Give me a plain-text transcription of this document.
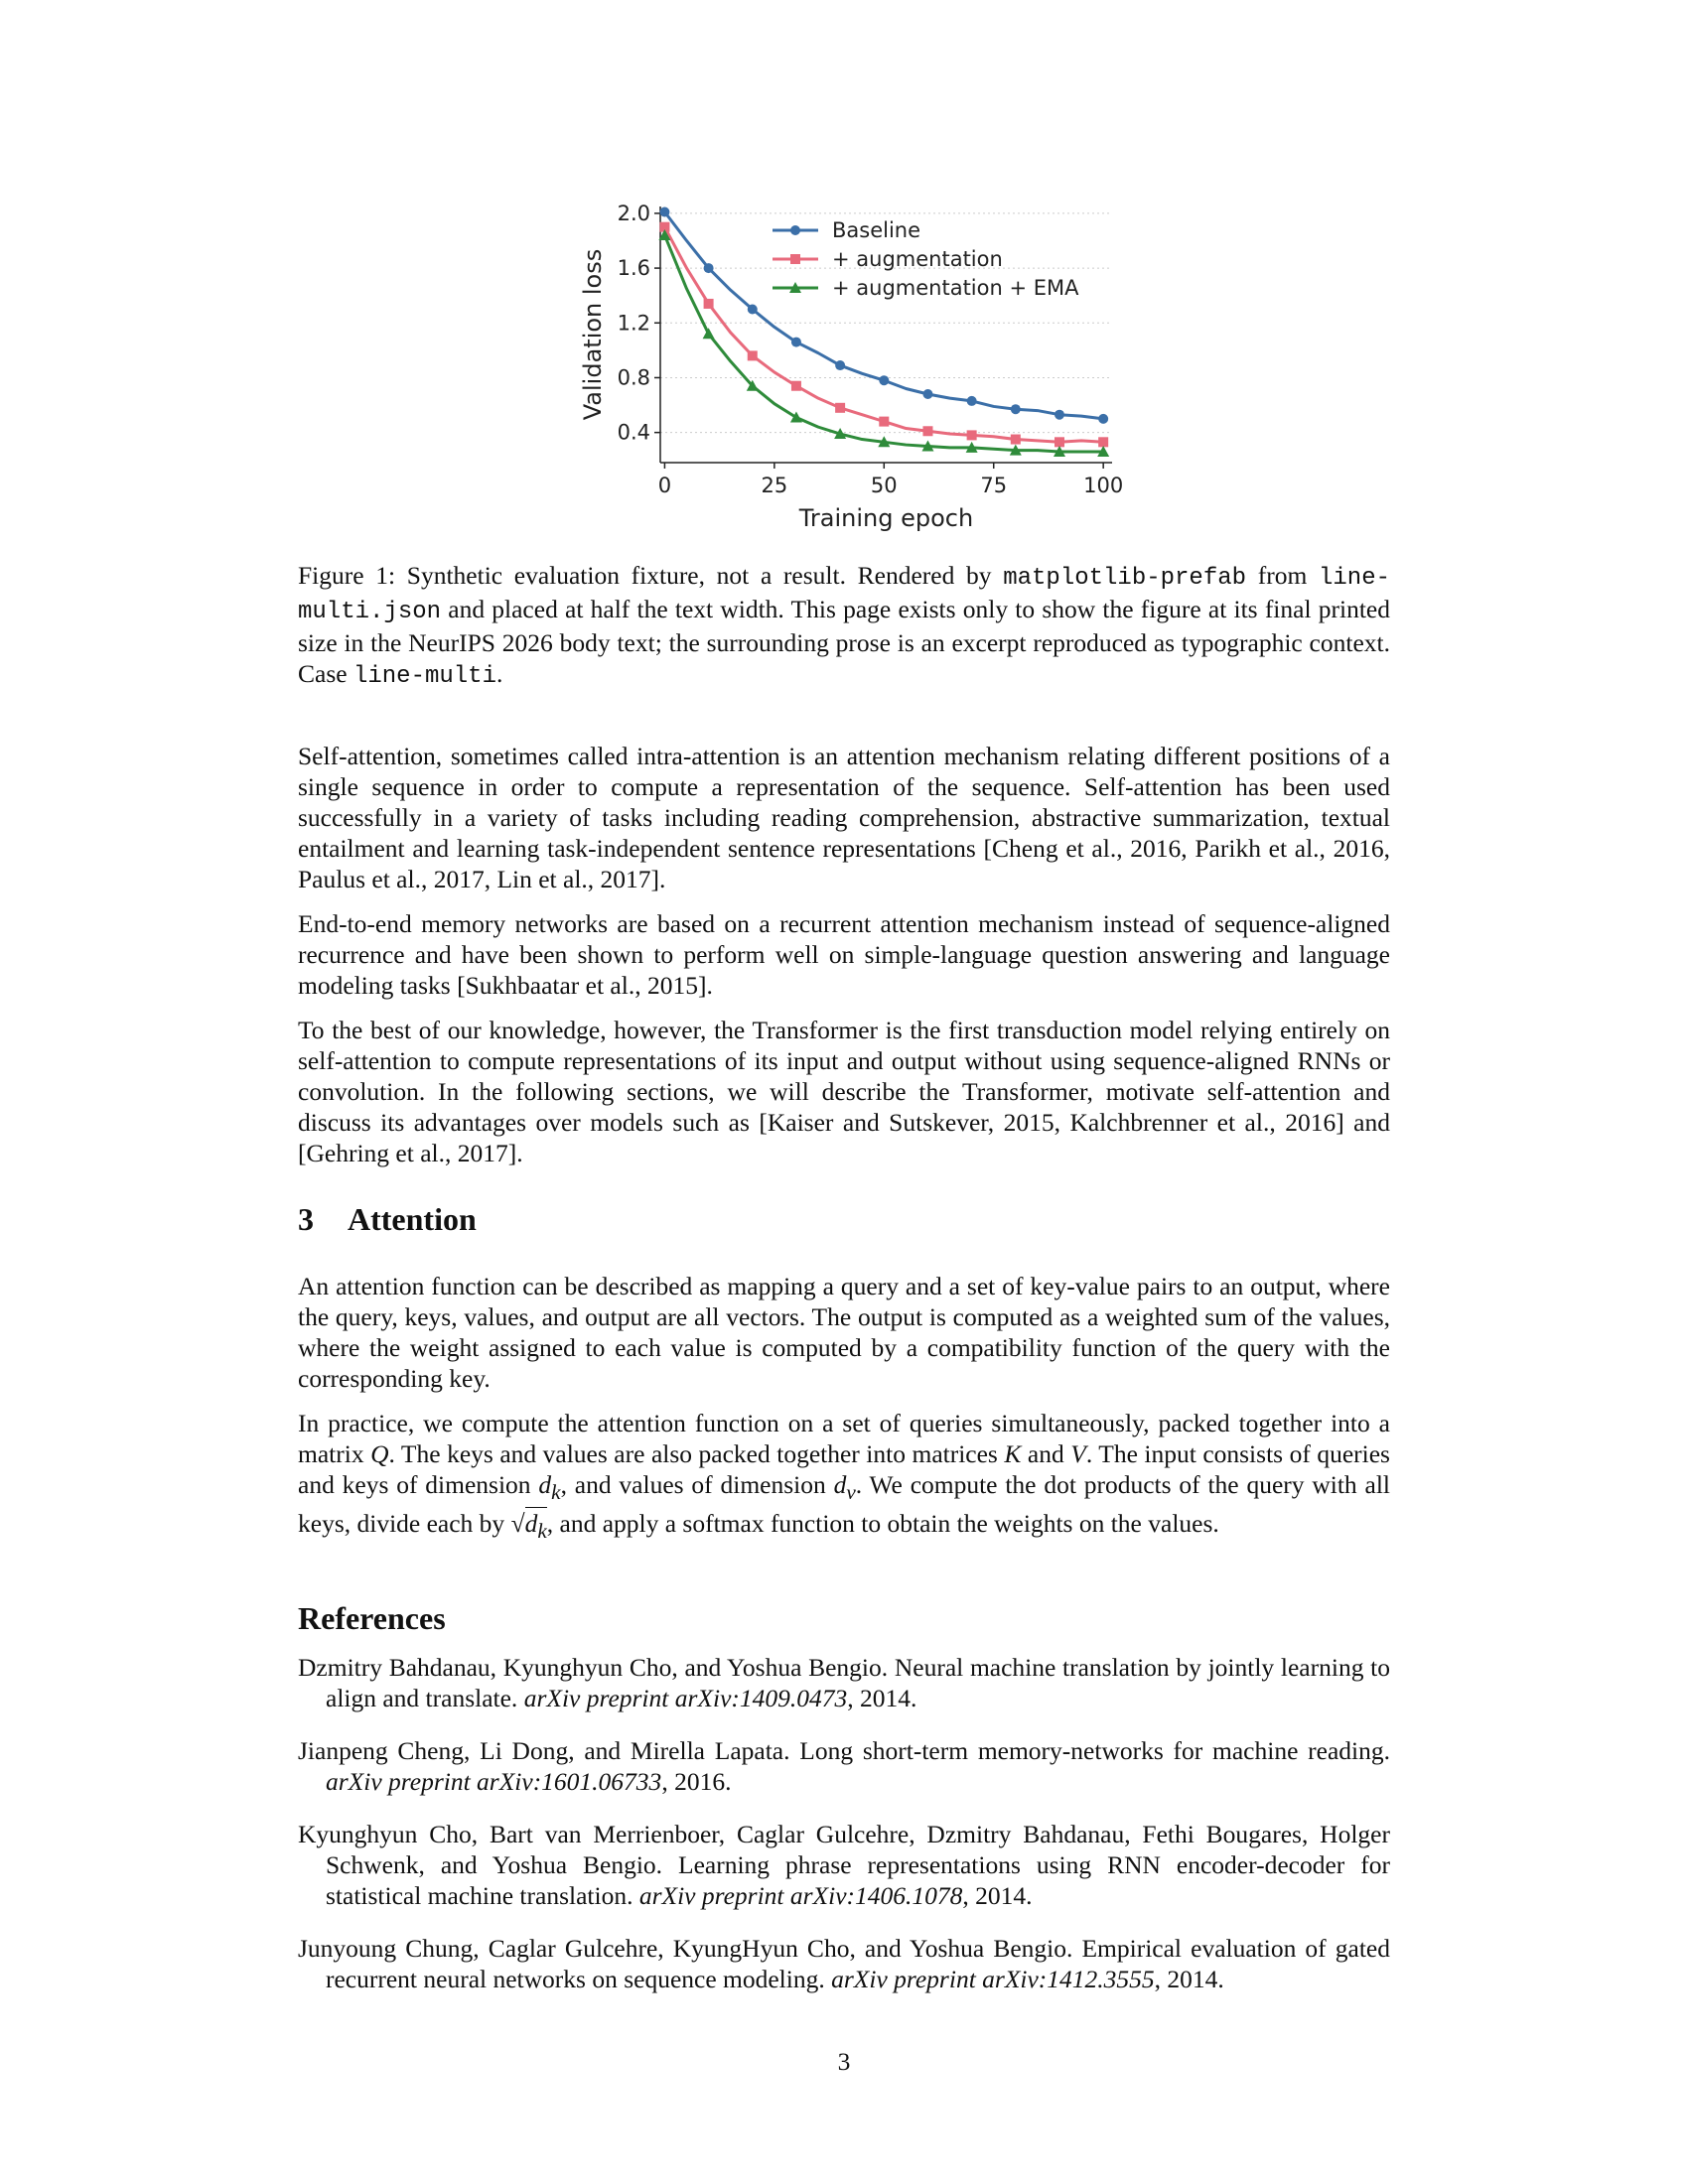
0.4
0.8
1.2
1.6
2.0
0	25	50	75	100
Training epoch
Validation loss
Baseline
+ augmentation
+ augmentation + EMA
Figure 1: Synthetic evaluation fixture, not a result. Rendered by matplotlib-prefab from line-multi.json and placed at half the text width. This page exists only to show the figure at its final printed size in the NeurIPS 2026 body text; the surrounding prose is an excerpt reproduced as typographic context. Case line-multi.

Self-attention, sometimes called intra-attention is an attention mechanism relating different positions of a single sequence in order to compute a representation of the sequence. Self-attention has been used successfully in a variety of tasks including reading comprehension, abstractive summarization, textual entailment and learning task-independent sentence representations [Cheng et al., 2016, Parikh et al., 2016, Paulus et al., 2017, Lin et al., 2017].

End-to-end memory networks are based on a recurrent attention mechanism instead of sequence-aligned recurrence and have been shown to perform well on simple-language question answering and language modeling tasks [Sukhbaatar et al., 2015].

To the best of our knowledge, however, the Transformer is the first transduction model relying entirely on self-attention to compute representations of its input and output without using sequence-aligned RNNs or convolution. In the following sections, we will describe the Transformer, motivate self-attention and discuss its advantages over models such as [Kaiser and Sutskever, 2015, Kalchbrenner et al., 2016] and [Gehring et al., 2017].

3 Attention

An attention function can be described as mapping a query and a set of key-value pairs to an output, where the query, keys, values, and output are all vectors. The output is computed as a weighted sum of the values, where the weight assigned to each value is computed by a compatibility function of the query with the corresponding key.

In practice, we compute the attention function on a set of queries simultaneously, packed together into a matrix Q. The keys and values are also packed together into matrices K and V. The input consists of queries and keys of dimension $d_k$, and values of dimension $d_v$. We compute the dot products of the query with all keys, divide each by $√d_k$, and apply a softmax function to obtain the weights on the values.

References
Dzmitry Bahdanau, Kyunghyun Cho, and Yoshua Bengio. Neural machine translation by jointly learning to align and translate. arXiv preprint arXiv:1409.0473, 2014.
Jianpeng Cheng, Li Dong, and Mirella Lapata. Long short-term memory-networks for machine reading. arXiv preprint arXiv:1601.06733, 2016.
Kyunghyun Cho, Bart van Merrienboer, Caglar Gulcehre, Dzmitry Bahdanau, Fethi Bougares, Holger Schwenk, and Yoshua Bengio. Learning phrase representations using RNN encoder-decoder for statistical machine translation. arXiv preprint arXiv:1406.1078, 2014.
Junyoung Chung, Caglar Gulcehre, KyungHyun Cho, and Yoshua Bengio. Empirical evaluation of gated recurrent neural networks on sequence modeling. arXiv preprint arXiv:1412.3555, 2014.
3
